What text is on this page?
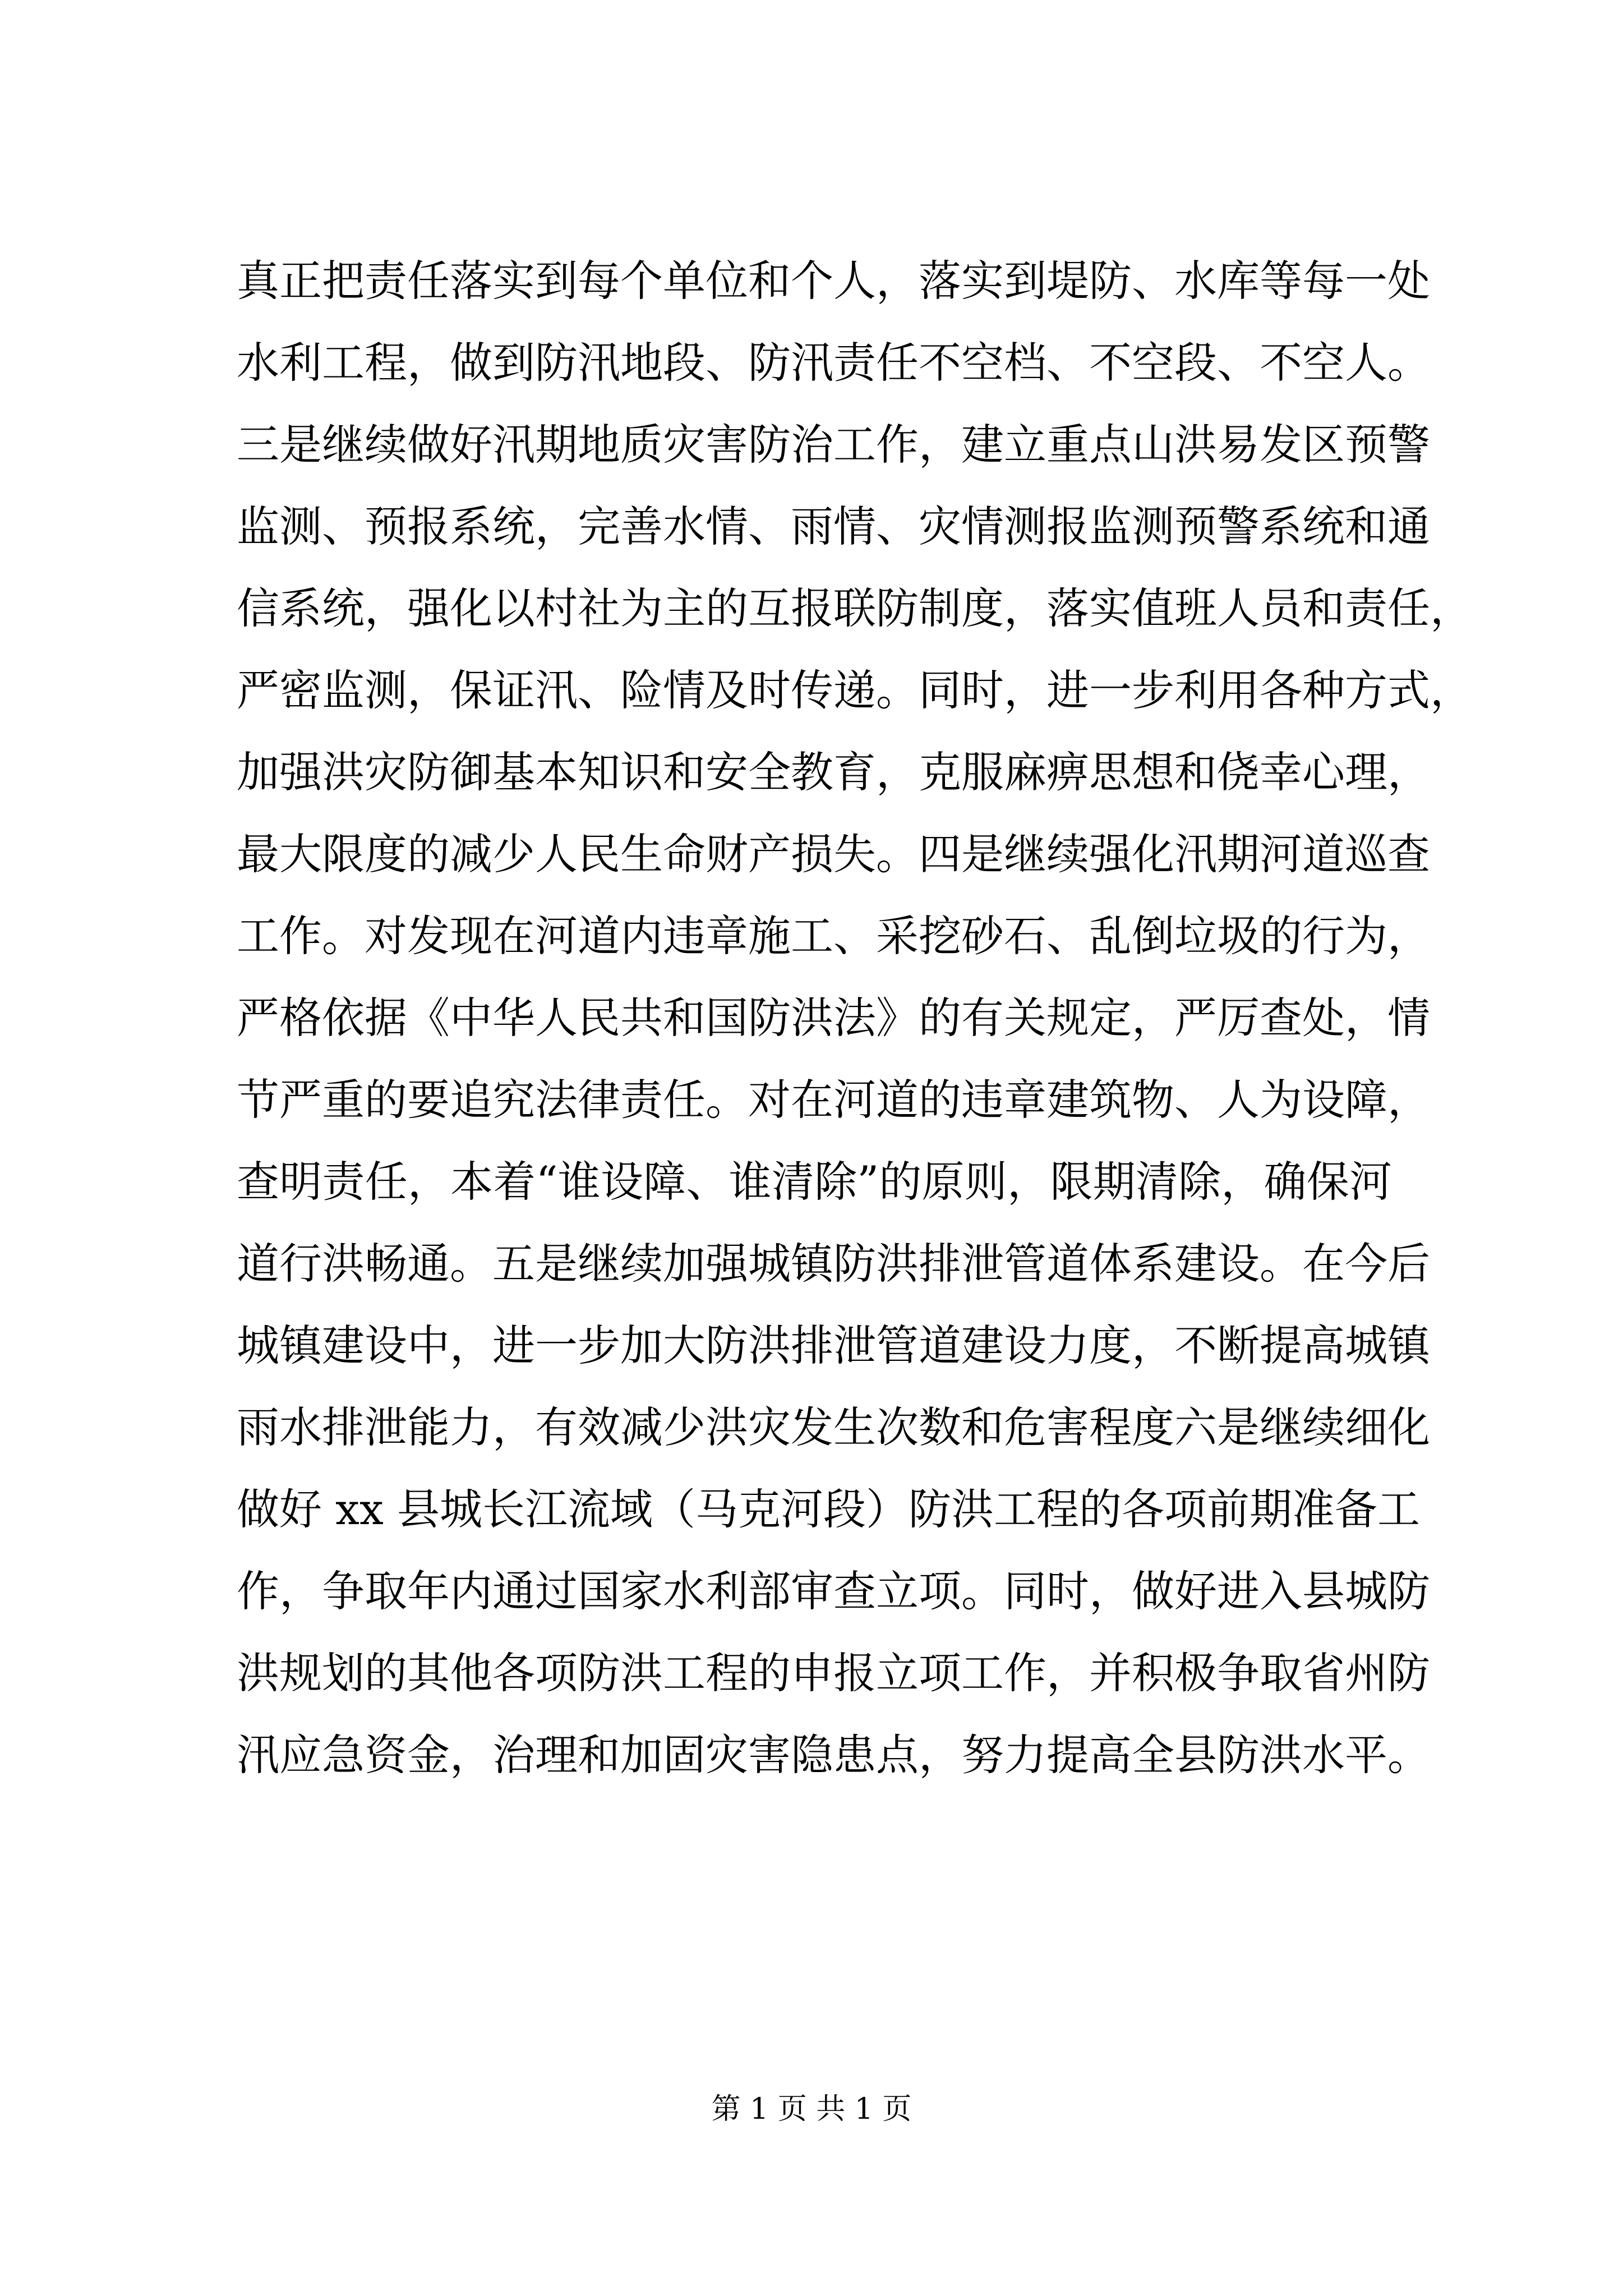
真正把责任落实到每个单位和个人，落实到堤防、水库等每一处
水利工程，做到防汛地段、防汛责任不空档、不空段、不空人。
三是继续做好汛期地质灾害防治工作，建立重点山洪易发区预警
监测、预报系统，完善水情、雨情、灾情测报监测预警系统和通
信系统，强化以村社为主的互报联防制度，落实值班人员和责任，
严密监测，保证汛、险情及时传递。同时，进一步利用各种方式，
加强洪灾防御基本知识和安全教育，克服麻痹思想和侥幸心理，
最大限度的减少人民生命财产损失。四是继续强化汛期河道巡查
工作。对发现在河道内违章施工、采挖砂石、乱倒垃圾的行为，
严格依据《中华人民共和国防洪法》的有关规定，严厉查处，情
节严重的要追究法律责任。对在河道的违章建筑物、人为设障，
查明责任，本着“谁设障、谁清除”的原则，限期清除，确保河
道行洪畅通。五是继续加强城镇防洪排泄管道体系建设。在今后
城镇建设中，进一步加大防洪排泄管道建设力度，不断提高城镇
雨水排泄能力，有效减少洪灾发生次数和危害程度六是继续细化
做好 xx 县城长江流域（马克河段）防洪工程的各项前期准备工
作，争取年内通过国家水利部审查立项。同时，做好进入县城防
洪规划的其他各项防洪工程的申报立项工作，并积极争取省州防
汛应急资金，治理和加固灾害隐患点，努力提高全县防洪水平。
第 1 页 共 1 页
